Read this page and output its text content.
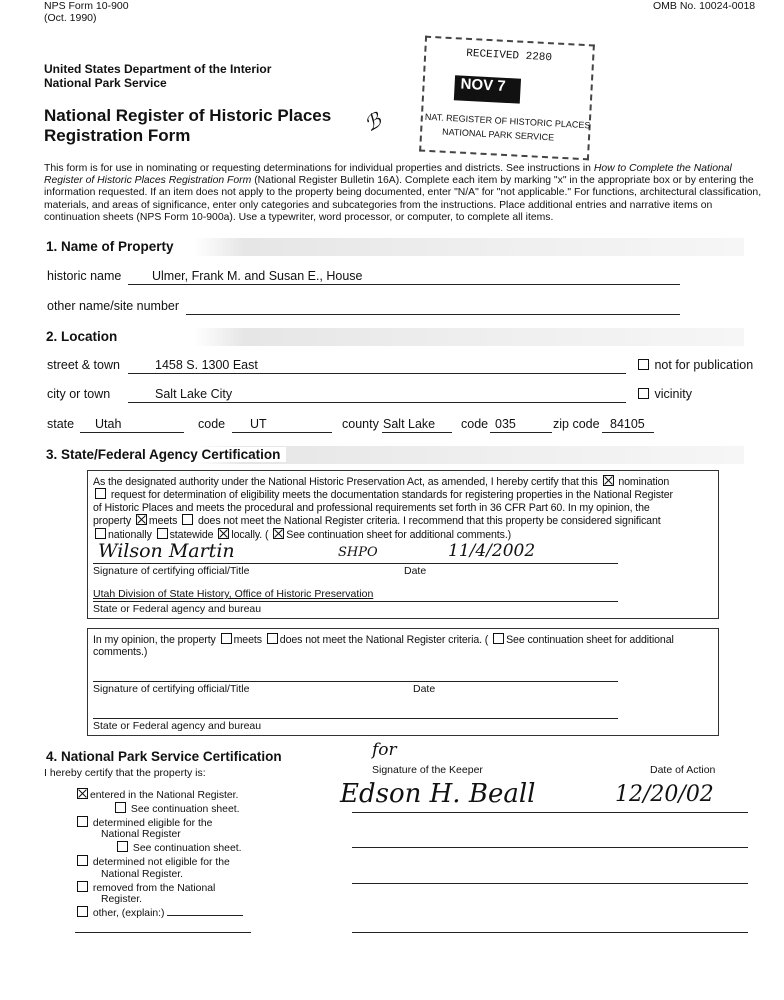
NPS Form 10-900
(Oct. 1990)
OMB No. 10024-0018
United States Department of the Interior
National Park Service
National Register of Historic Places
Registration Form	ℬ
RECEIVED 2280
NOV 7
NAT. REGISTER OF HISTORIC PLACES
NATIONAL PARK SERVICE
This form is for use in nominating or requesting determinations for individual properties and districts. See instructions in How to Complete the National
Register of Historic Places Registration Form (National Register Bulletin 16A). Complete each item by marking "x" in the appropriate box or by entering the
information requested. If an item does not apply to the property being documented, enter "N/A" for "not applicable." For functions, architectural classification,
materials, and areas of significance, enter only categories and subcategories from the instructions. Place additional entries and narrative items on
continuation sheets (NPS Form 10-900a). Use a typewriter, word processor, or computer, to complete all items.
1. Name of Property
historic name Ulmer, Frank M. and Susan E., House
other name/site number
2. Location
street & town	1458 S. 1300 East	not for publication
city or town	Salt Lake City	vicinity
state Utah	code UT	county Salt Lake code 035	zip code 84105
3. State/Federal Agency Certification
As the designated authority under the National Historic Preservation Act, as amended, I hereby certify that this nomination
request for determination of eligibility meets the documentation standards for registering properties in the National Register
of Historic Places and meets the procedural and professional requirements set forth in 36 CFR Part 60. In my opinion, the
property meets does not meet the National Register criteria. I recommend that this property be considered significant
nationally statewide locally. ( See continuation sheet for additional comments.)
Wilson Martin	SHPO	11/4/2002
Signature of certifying official/Title	Date
Utah Division of State History, Office of Historic Preservation
State or Federal agency and bureau
In my opinion, the property meets does not meet the National Register criteria. ( See continuation sheet for additional
comments.)
Signature of certifying official/Title	Date
State or Federal agency and bureau
4. National Park Service Certification
I hereby certify that the property is:
for
Signature of the Keeper	Date of Action
Edson H. Beall	12/20/02
entered in the National Register.
See continuation sheet.
determined eligible for the
National Register
See continuation sheet.
determined not eligible for the
National Register.
removed from the National
Register.
other, (explain:)
